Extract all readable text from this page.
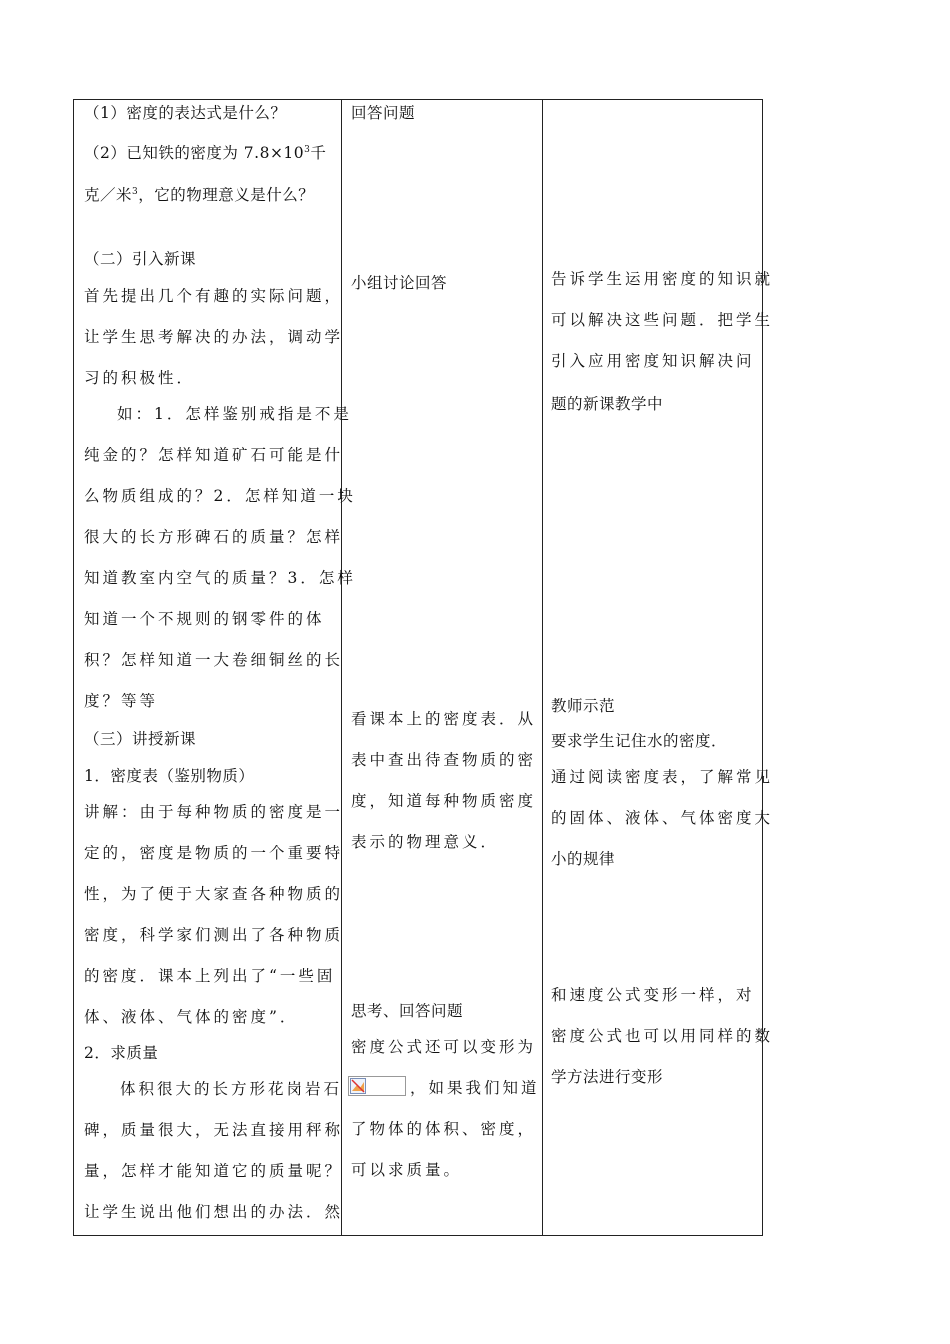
（1）密度的表达式是什么？
（2）已知铁的密度为 $7.8\times 10^3$千
克／米$^3$，它的物理意义是什么？
（二）引入新课
首先提出几个有趣的实际问题，
让学生思考解决的办法，调动学
习的积极性．
如：1．怎样鉴别戒指是不是
纯金的？怎样知道矿石可能是什
么物质组成的？2．怎样知道一块
很大的长方形碑石的质量？怎样
知道教室内空气的质量？3．怎样
知道一个不规则的钢零件的体
积？怎样知道一大卷细铜丝的长
度？等等
（三）讲授新课
1．密度表（鉴别物质）
讲解：由于每种物质的密度是一
定的，密度是物质的一个重要特
性，为了便于大家查各种物质的
密度，科学家们测出了各种物质
的密度．课本上列出了“一些固
体、液体、气体的密度”．
2．求质量
体积很大的长方形花岗岩石
碑，质量很大，无法直接用秤称
量，怎样才能知道它的质量呢？
让学生说出他们想出的办法．然
回答问题
小组讨论回答
看课本上的密度表．从
表中查出待查物质的密
度，知道每种物质密度
表示的物理意义．
思考、回答问题
密度公式还可以变形为
，如果我们知道
了物体的体积、密度，
可以求质量。
告诉学生运用密度的知识就
可以解决这些问题．把学生
引入应用密度知识解决问
题的新课教学中
教师示范
要求学生记住水的密度．
通过阅读密度表，了解常见
的固体、液体、气体密度大
小的规律
和速度公式变形一样，对
密度公式也可以用同样的数
学方法进行变形
